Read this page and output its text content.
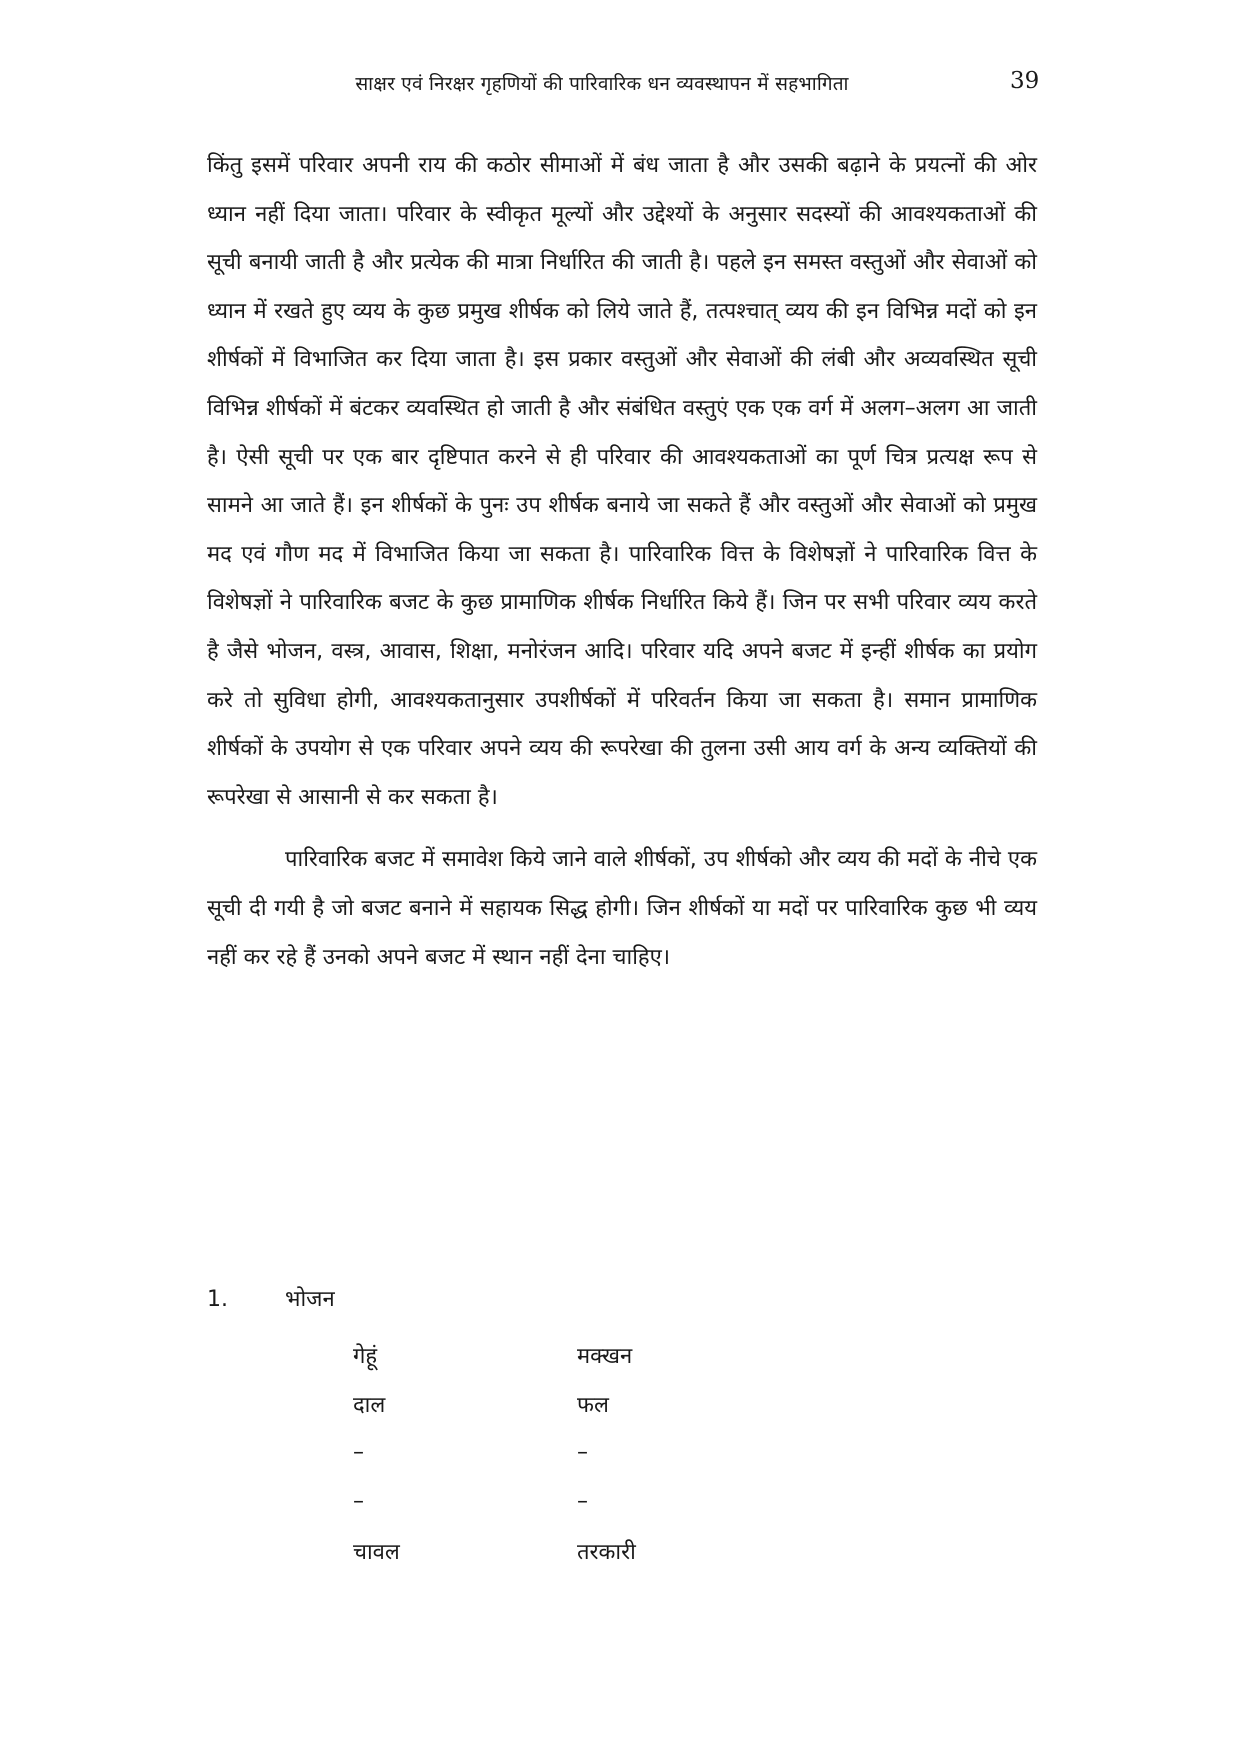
साक्षर एवं निरक्षर गृहणियों की पारिवारिक धन व्यवस्थापन में सहभागिता	39

किंतु इसमें परिवार अपनी राय की कठोर सीमाओं में बंध जाता है और उसकी बढ़ाने के प्रयत्नों की ओर ध्यान नहीं दिया जाता। परिवार के स्वीकृत मूल्यों और उद्देश्यों के अनुसार सदस्यों की आवश्यकताओं की सूची बनायी जाती है और प्रत्येक की मात्रा निर्धारित की जाती है। पहले इन समस्त वस्तुओं और सेवाओं को ध्यान में रखते हुए व्यय के कुछ प्रमुख शीर्षक को लिये जाते हैं, तत्पश्चात् व्यय की इन विभिन्न मदों को इन शीर्षकों में विभाजित कर दिया जाता है। इस प्रकार वस्तुओं और सेवाओं की लंबी और अव्यवस्थित सूची विभिन्न शीर्षकों में बंटकर व्यवस्थित हो जाती है और संबंधित वस्तुएं एक एक वर्ग में अलग–अलग आ जाती है। ऐसी सूची पर एक बार दृष्टिपात करने से ही परिवार की आवश्यकताओं का पूर्ण चित्र प्रत्यक्ष रूप से सामने आ जाते हैं। इन शीर्षकों के पुनः उप शीर्षक बनाये जा सकते हैं और वस्तुओं और सेवाओं को प्रमुख मद एवं गौण मद में विभाजित किया जा सकता है। पारिवारिक वित्त के विशेषज्ञों ने पारिवारिक वित्त के विशेषज्ञों ने पारिवारिक बजट के कुछ प्रामाणिक शीर्षक निर्धारित किये हैं। जिन पर सभी परिवार व्यय करते है जैसे भोजन, वस्त्र, आवास, शिक्षा, मनोरंजन आदि। परिवार यदि अपने बजट में इन्हीं शीर्षक का प्रयोग करे तो सुविधा होगी, आवश्यकतानुसार उपशीर्षकों में परिवर्तन किया जा सकता है। समान प्रामाणिक शीर्षकों के उपयोग से एक परिवार अपने व्यय की रूपरेखा की तुलना उसी आय वर्ग के अन्य व्यक्तियों की रूपरेखा से आसानी से कर सकता है।

पारिवारिक बजट में समावेश किये जाने वाले शीर्षकों, उप शीर्षको और व्यय की मदों के नीचे एक सूची दी गयी है जो बजट बनाने में सहायक सिद्ध होगी। जिन शीर्षकों या मदों पर पारिवारिक कुछ भी व्यय नहीं कर रहे हैं उनको अपने बजट में स्थान नहीं देना चाहिए।

1.	भोजन
गेहूं	मक्खन
दाल	फल
–	–
–	–
चावल	तरकारी
